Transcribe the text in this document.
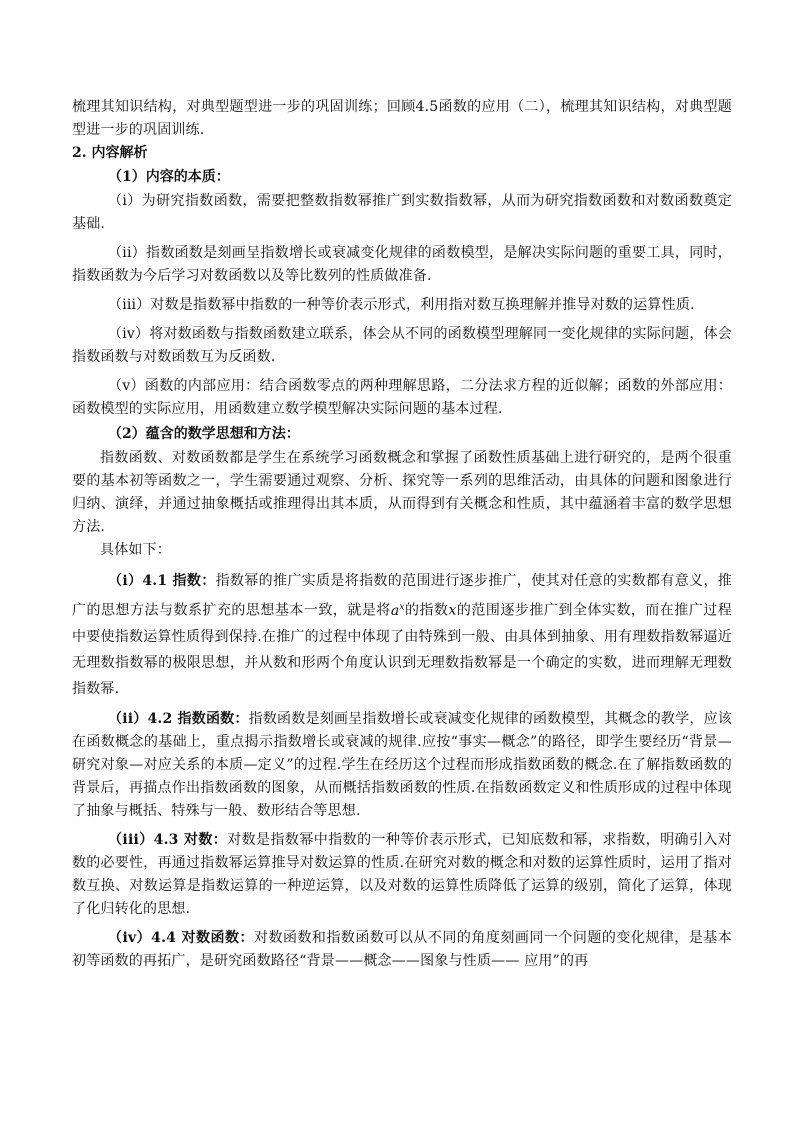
梳理其知识结构，对典型题型进一步的巩固训练；回顾4.5函数的应用（二），梳理其知识结构，对典型题型进一步的巩固训练.

2. 内容解析

（1）内容的本质：

（i）为研究指数函数，需要把整数指数幂推广到实数指数幂，从而为研究指数函数和对数函数奠定基础.

（ii）指数函数是刻画呈指数增长或衰减变化规律的函数模型，是解决实际问题的重要工具，同时，指数函数为今后学习对数函数以及等比数列的性质做准备.

（iii）对数是指数幂中指数的一种等价表示形式，利用指对数互换理解并推导对数的运算性质.

（iv）将对数函数与指数函数建立联系，体会从不同的函数模型理解同一变化规律的实际问题，体会指数函数与对数函数互为反函数.

（v）函数的内部应用：结合函数零点的两种理解思路，二分法求方程的近似解；函数的外部应用：函数模型的实际应用，用函数建立数学模型解决实际问题的基本过程.

（2）蕴含的数学思想和方法：

指数函数、对数函数都是学生在系统学习函数概念和掌握了函数性质基础上进行研究的，是两个很重要的基本初等函数之一，学生需要通过观察、分析、探究等一系列的思维活动，由具体的问题和图象进行归纳、演绎，并通过抽象概括或推理得出其本质，从而得到有关概念和性质，其中蕴涵着丰富的数学思想方法.

具体如下：

（i）4.1 指数：指数幂的推广实质是将指数的范围进行逐步推广，使其对任意的实数都有意义，推广的思想方法与数系扩充的思想基本一致，就是将$a^x$的指数x的范围逐步推广到全体实数，而在推广过程中要使指数运算性质得到保持.在推广的过程中体现了由特殊到一般、由具体到抽象、用有理数指数幂逼近无理数指数幂的极限思想，并从数和形两个角度认识到无理数指数幂是一个确定的实数，进而理解无理数指数幂.

（ii）4.2 指数函数：指数函数是刻画呈指数增长或衰减变化规律的函数模型，其概念的教学，应该在函数概念的基础上，重点揭示指数增长或衰减的规律.应按“事实—概念”的路径，即学生要经历“背景—研究对象—对应关系的本质—定义”的过程.学生在经历这个过程而形成指数函数的概念.在了解指数函数的背景后，再描点作出指数函数的图象，从而概括指数函数的性质.在指数函数定义和性质形成的过程中体现了抽象与概括、特殊与一般、数形结合等思想.

（iii）4.3 对数：对数是指数幂中指数的一种等价表示形式，已知底数和幂，求指数，明确引入对数的必要性，再通过指数幂运算推导对数运算的性质.在研究对数的概念和对数的运算性质时，运用了指对数互换、对数运算是指数运算的一种逆运算，以及对数的运算性质降低了运算的级别，简化了运算，体现了化归转化的思想.

（iv）4.4 对数函数：对数函数和指数函数可以从不同的角度刻画同一个问题的变化规律，是基本初等函数的再拓广，是研究函数路径“背景——概念——图象与性质—— 应用”的再
